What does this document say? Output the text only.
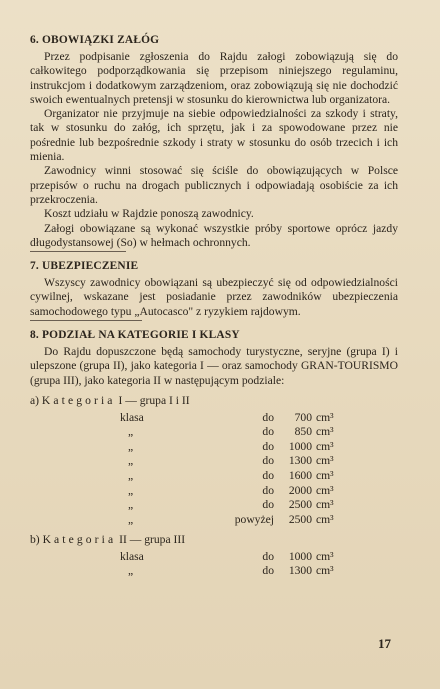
6. OBOWIĄZKI ZAŁÓG

Przez podpisanie zgłoszenia do Rajdu załogi zobowiązują się do całkowitego podporządkowania się przepisom niniejszego regulaminu, instrukcjom i dodatkowym zarządzeniom, oraz zobowiązują się nie dochodzić swoich ewentualnych pretensji w stosunku do kierownictwa lub organizatora.

Organizator nie przyjmuje na siebie odpowiedzialności za szkody i straty, tak w stosunku do załóg, ich sprzętu, jak i za spowodowane przez nie pośrednie lub bezpośrednie szkody i straty w stosunku do osób trzecich i ich mienia.

Zawodnicy winni stosować się ściśle do obowiązujących w Polsce przepisów o ruchu na drogach publicznych i odpowiadają osobiście za ich przekroczenia.

Koszt udziału w Rajdzie ponoszą zawodnicy.

Załogi obowiązane są wykonać wszystkie próby sportowe oprócz jazdy długodystansowej (So) w hełmach ochronnych.

7. UBEZPIECZENIE

Wszyscy zawodnicy obowiązani są ubezpieczyć się od odpowiedzialności cywilnej, wskazane jest posiadanie przez zawodników ubezpieczenia samochodowego typu „Autocasco" z ryzykiem rajdowym.

8. PODZIAŁ NA KATEGORIE I KLASY

Do Rajdu dopuszczone będą samochody turystyczne, seryjne (grupa I) i ulepszone (grupa II), jako kategoria I — oraz samochody GRAN-TOURISMO (grupa III), jako kategoria II w następującym podziale:

a) Kategoria I — grupa I i II
klasa	do	700	cm³
„	do	850	cm³
„	do	1000	cm³
„	do	1300	cm³
„	do	1600	cm³
„	do	2000	cm³
„	do	2500	cm³
„	powyżej	2500	cm³
b) Kategoria II — grupa III
klasa	do	1000	cm³
„	do	1300	cm³
17
